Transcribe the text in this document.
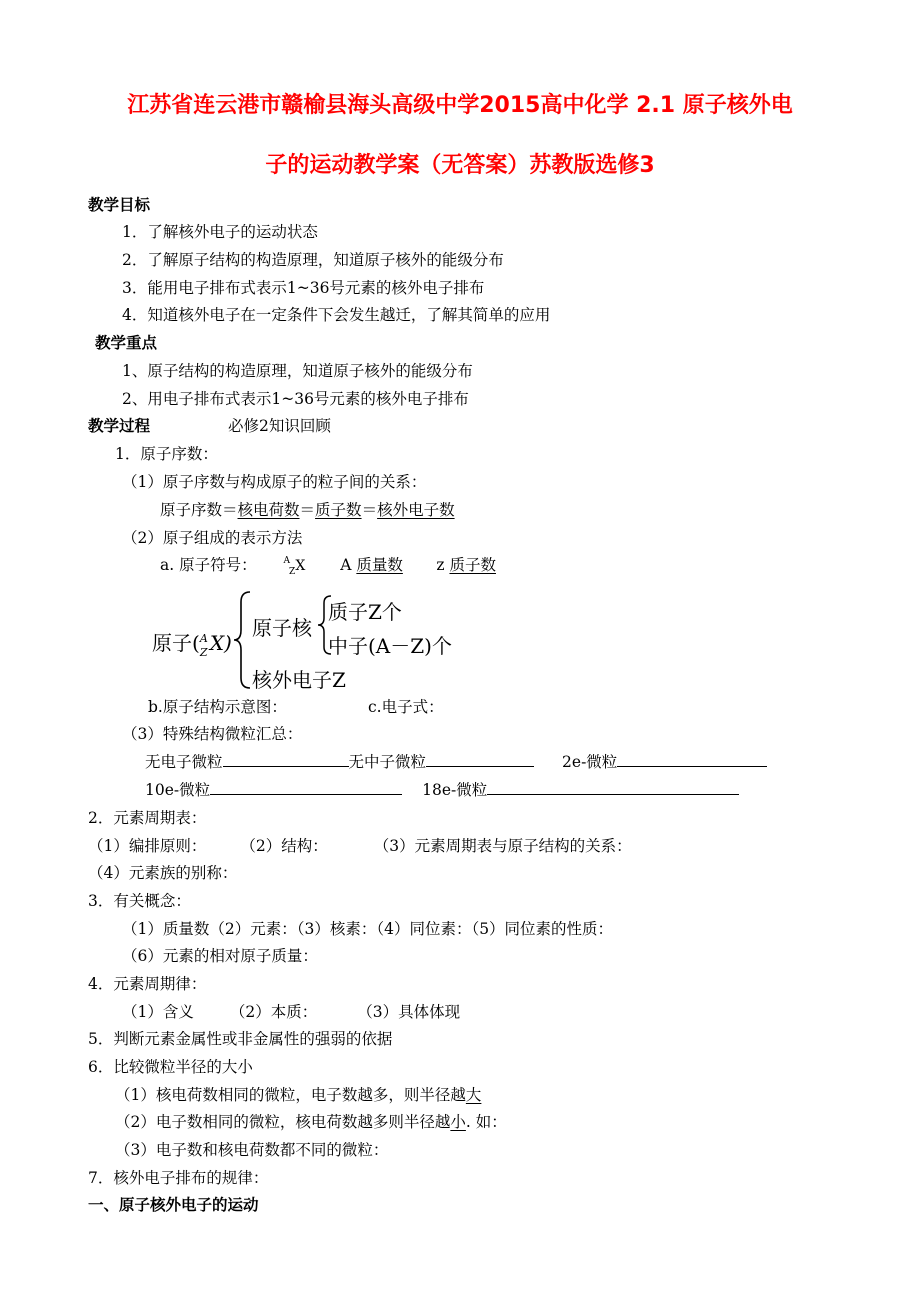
江苏省连云港市赣榆县海头高级中学2015高中化学 2.1 原子核外电
子的运动教学案（无答案）苏教版选修3
教学目标
1．了解核外电子的运动状态
2．了解原子结构的构造原理，知道原子核外的能级分布
3．能用电子排布式表示1~36号元素的核外电子排布
4．知道核外电子在一定条件下会发生越迁，了解其简单的应用
教学重点
1、原子结构的构造原理，知道原子核外的能级分布
2、用电子排布式表示1~36号元素的核外电子排布
教学过程	必修2知识回顾
1．原子序数：
（1）原子序数与构成原子的粒子间的关系：
原子序数＝核电荷数＝质子数＝核外电子数
（2）原子组成的表示方法
a. 原子符号：	$^A_Z$X A 质量数 z 质子数
原子( A
Z X)
原子核
质子Z个
中子(A－Z)个
核外电子Z
b.原子结构示意图：	c.电子式：
（3）特殊结构微粒汇总：
无电子微粒	无中子微粒	2e-微粒
10e-微粒	18e-微粒
2．元素周期表：
（1）编排原则： （2）结构：	（3）元素周期表与原子结构的关系：
（4）元素族的别称：
3．有关概念：
（1）质量数（2）元素：（3）核素：（4）同位素：（5）同位素的性质：
（6）元素的相对原子质量：
4．元素周期律：
（1）含义 （2）本质：	（3）具体体现
5．判断元素金属性或非金属性的强弱的依据
6．比较微粒半径的大小
（1）核电荷数相同的微粒，电子数越多，则半径越大
（2）电子数相同的微粒，核电荷数越多则半径越小. 如：
（3）电子数和核电荷数都不同的微粒：
7．核外电子排布的规律：
一、原子核外电子的运动
